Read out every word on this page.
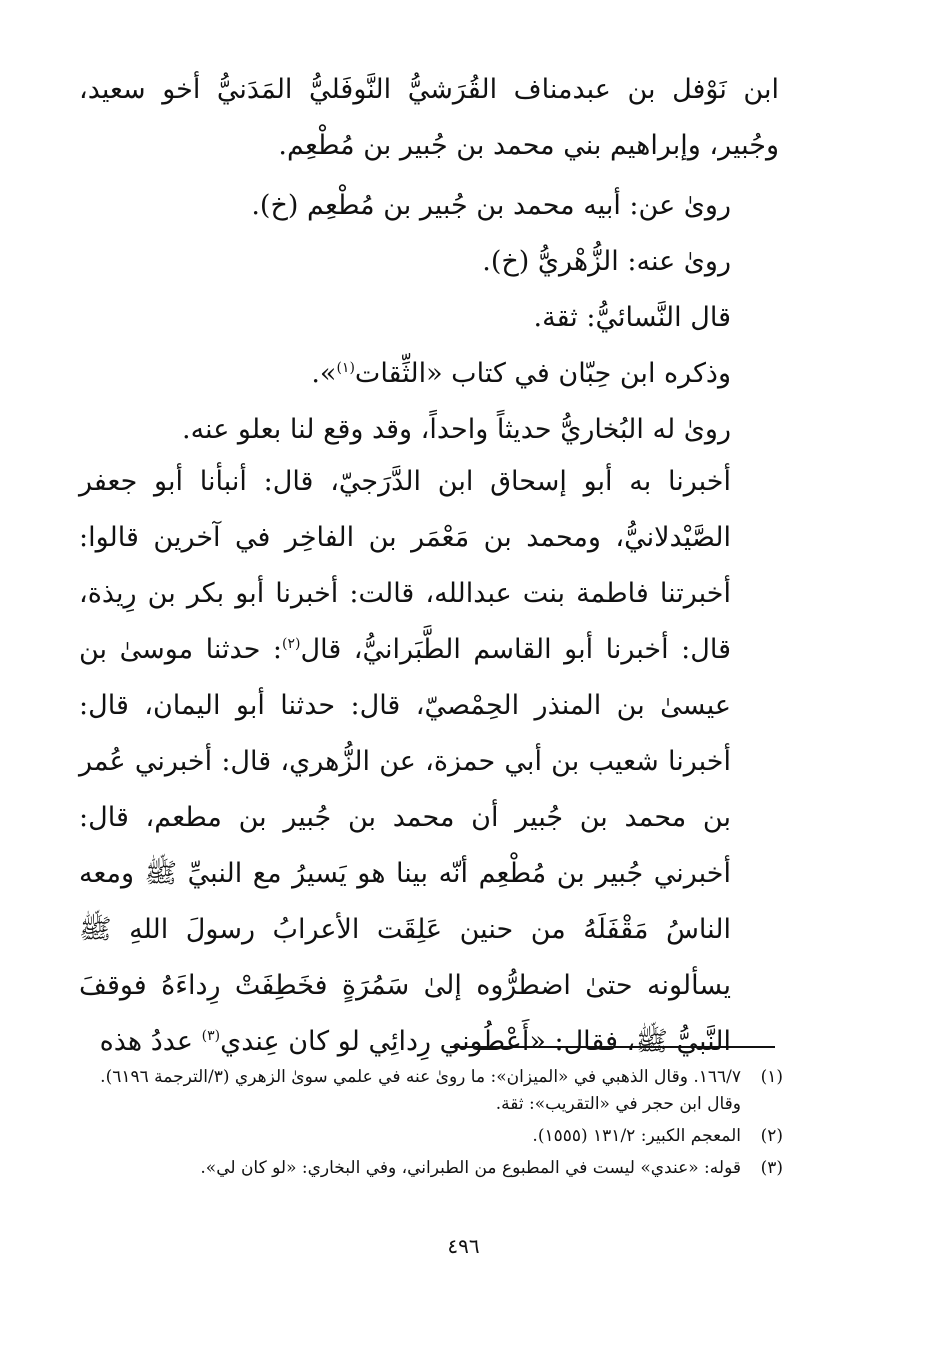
ابن نَوْفل بن عبدمناف القُرَشيُّ النَّوفَليُّ المَدَنيُّ أخو سعيد، وجُبير، وإبراهيم بني محمد بن جُبير بن مُطْعِم.

روىٰ عن: أبيه محمد بن جُبير بن مُطْعِم (خ).

روىٰ عنه: الزُّهْريُّ (خ).

قال النَّسائيُّ: ثقة.

وذكره ابن حِبّان في كتاب «الثِّقات$^{(١)}$».

روىٰ له البُخاريُّ حديثاً واحداً، وقد وقع لنا بعلو عنه.

أخبرنا به أبو إسحاق ابن الدَّرَجيّ، قال: أنبأنا أبو جعفر الصَّيْدلانيُّ، ومحمد بن مَعْمَر بن الفاخِر في آخرين قالوا: أخبرتنا فاطمة بنت عبدالله، قالت: أخبرنا أبو بكر بن رِيذة، قال: أخبرنا أبو القاسم الطَّبَرانيُّ، قال$^{(٢)}$: حدثنا موسىٰ بن عيسىٰ بن المنذر الحِمْصيّ، قال: حدثنا أبو اليمان، قال: أخبرنا شعيب بن أبي حمزة، عن الزُّهري، قال: أخبرني عُمر بن محمد بن جُبير أن محمد بن جُبير بن مطعم، قال: أخبرني جُبير بن مُطْعِم أنّه بينا هو يَسيرُ مع النبيِّ ﷺ ومعه الناسُ مَقْفَلَهُ من حنين عَلِقَت الأعرابُ رسولَ اللهِ ﷺ يسألونه حتىٰ اضطرُّوه إلىٰ سَمُرَةٍ فخَطِفَتْ رِداءَهُ فوقفَ النَّبيُّ ﷺ، فقال: «أَعْطُوني رِدائِي لو كان عِندي$^{(٣)}$ عددُ هذه

(١)
١٦٦/٧. وقال الذهبي في «الميزان»: ما روىٰ عنه في علمي سوىٰ الزهري (٣/الترجمة ٦١٩٦). وقال ابن حجر في «التقريب»: ثقة.
(٢)
المعجم الكبير: ١٣١/٢ (١٥٥٥).
(٣)
قوله: «عندي» ليست في المطبوع من الطبراني، وفي البخاري: «لو كان لي».
٤٩٦
